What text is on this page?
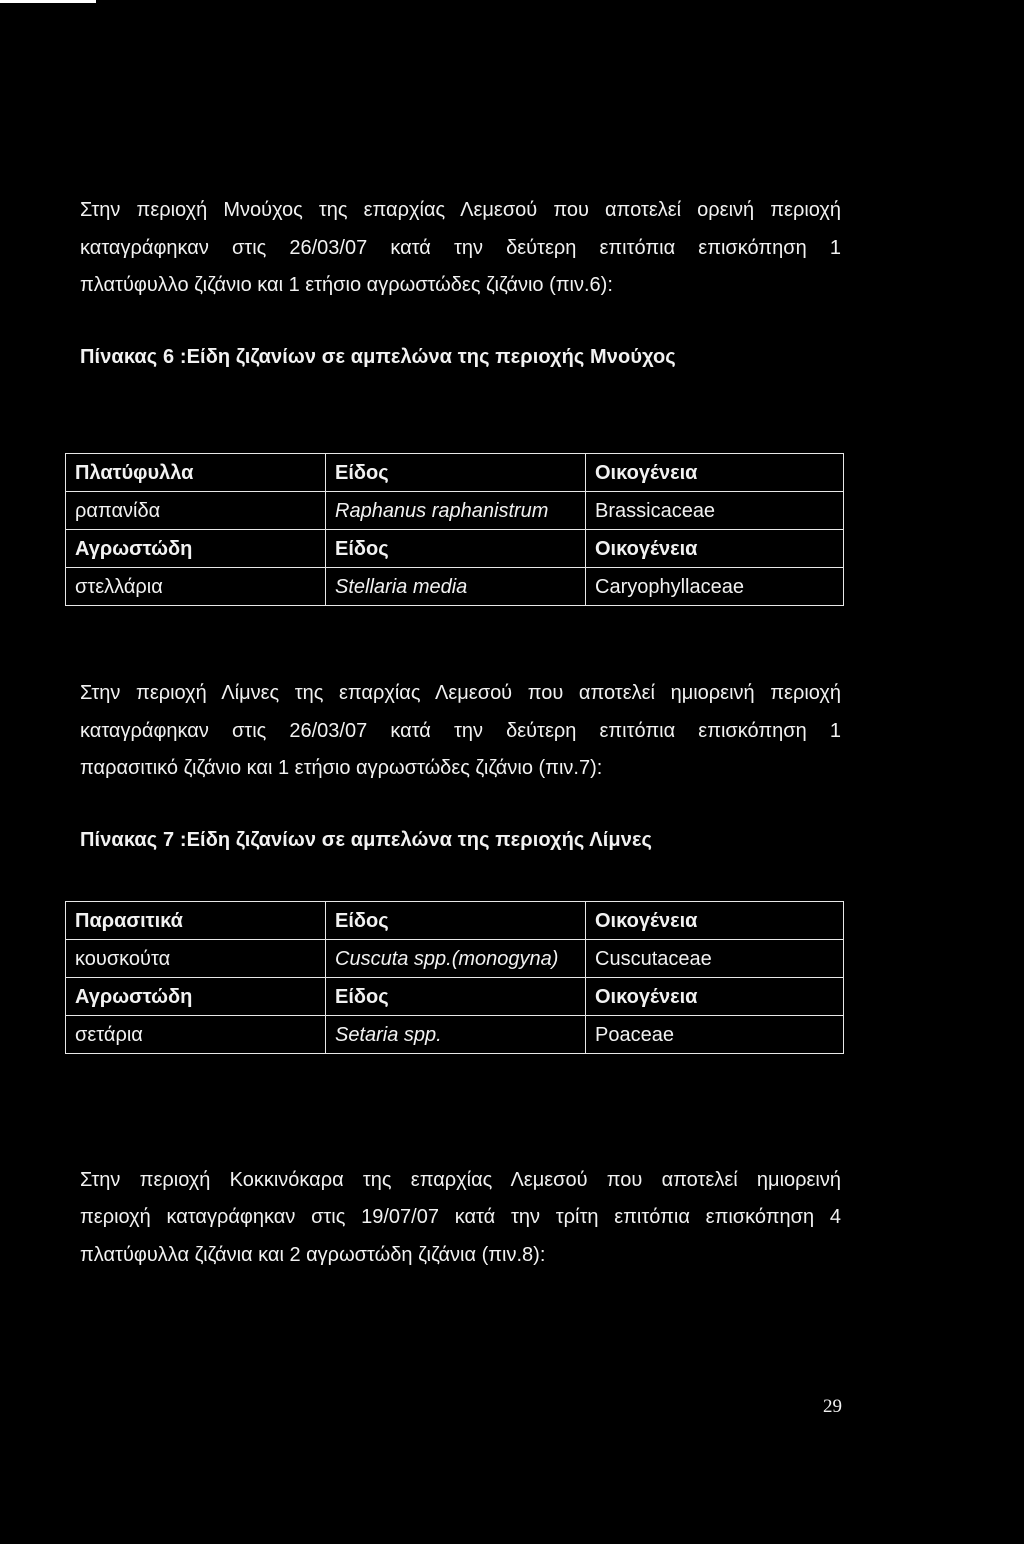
Στην περιοχή Μνούχος της επαρχίας Λεμεσού που αποτελεί ορεινή περιοχή
καταγράφηκαν στις 26/03/07 κατά την δεύτερη επιτόπια επισκόπηση 1
πλατύφυλλο ζιζάνιο και 1 ετήσιο αγρωστώδες ζιζάνιο (πιν.6):
Πίνακας 6 :Είδη ζιζανίων σε αμπελώνα της περιοχής Μνούχος
Πλατύφυλλα	Είδος	Οικογένεια
ραπανίδα	Raphanus raphanistrum	Brassicaceae
Αγρωστώδη	Είδος	Οικογένεια
στελλάρια	Stellaria media	Caryophyllaceae
Στην περιοχή Λίμνες της επαρχίας Λεμεσού που αποτελεί ημιορεινή περιοχή
καταγράφηκαν στις 26/03/07 κατά την δεύτερη επιτόπια επισκόπηση 1
παρασιτικό ζιζάνιο και 1 ετήσιο αγρωστώδες ζιζάνιο (πιν.7):
Πίνακας 7 :Είδη ζιζανίων σε αμπελώνα της περιοχής Λίμνες
Παρασιτικά	Είδος	Οικογένεια
κουσκούτα	Cuscuta spp.(monogyna)	Cuscutaceae
Αγρωστώδη	Είδος	Οικογένεια
σετάρια	Setaria spp.	Poaceae
Στην περιοχή Κοκκινόκαρα της επαρχίας Λεμεσού που αποτελεί ημιορεινή
περιοχή καταγράφηκαν στις 19/07/07 κατά την τρίτη επιτόπια επισκόπηση 4
πλατύφυλλα ζιζάνια και 2 αγρωστώδη ζιζάνια (πιν.8):
29
